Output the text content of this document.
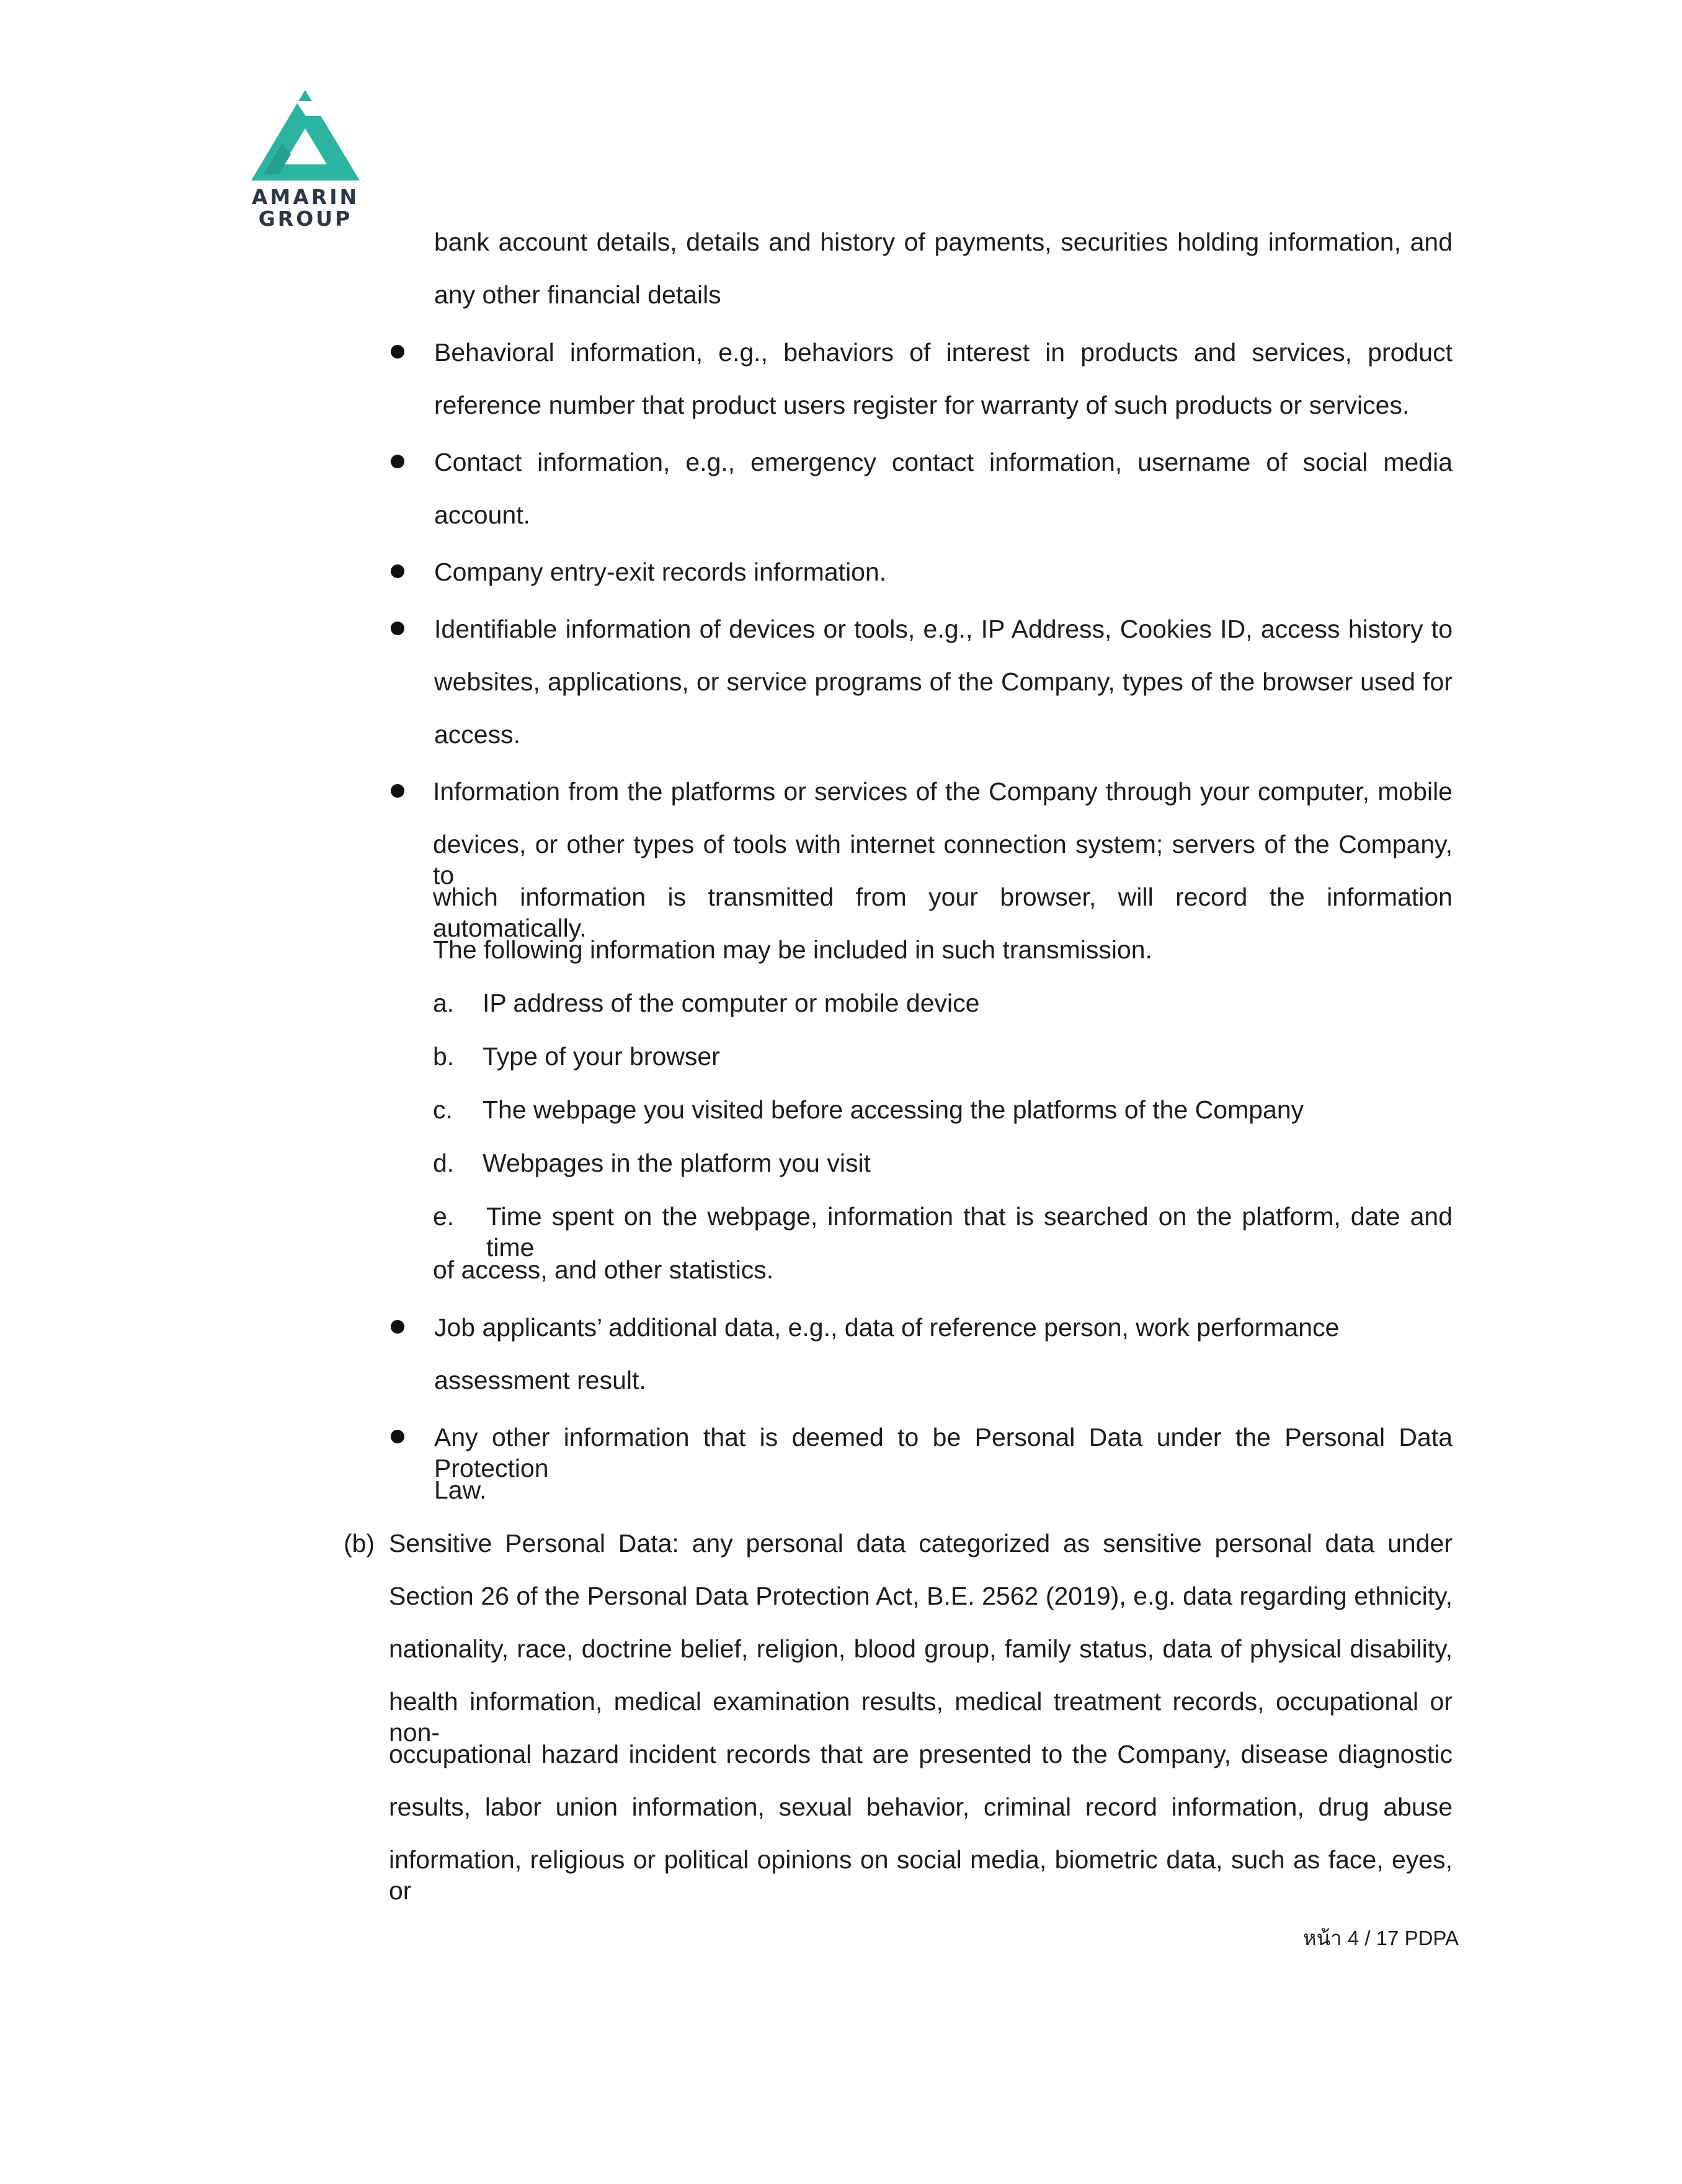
AMARIN
GROUP
bank account details, details and history of payments, securities holding information, and
any other financial details
Behavioral information, e.g., behaviors of interest in products and services, product
reference number that product users register for warranty of such products or services.
Contact information, e.g., emergency contact information, username of social media
account.
Company entry-exit records information.
Identifiable information of devices or tools, e.g., IP Address, Cookies ID, access history to
websites, applications, or service programs of the Company, types of the browser used for
access.
Information from the platforms or services of the Company through your computer, mobile
devices, or other types of tools with internet connection system; servers of the Company, to
which information is transmitted from your browser, will record the information automatically.
The following information may be included in such transmission.
a. IP address of the computer or mobile device
b. Type of your browser
c. The webpage you visited before accessing the platforms of the Company
d. Webpages in the platform you visit
e. Time spent on the webpage, information that is searched on the platform, date and time
of access, and other statistics.
Job applicants’ additional data, e.g., data of reference person, work performance
assessment result.
Any other information that is deemed to be Personal Data under the Personal Data Protection
Law.
(b) Sensitive Personal Data: any personal data categorized as sensitive personal data under
Section 26 of the Personal Data Protection Act, B.E. 2562 (2019), e.g. data regarding ethnicity,
nationality, race, doctrine belief, religion, blood group, family status, data of physical disability,
health information, medical examination results, medical treatment records, occupational or non-
occupational hazard incident records that are presented to the Company, disease diagnostic
results, labor union information, sexual behavior, criminal record information, drug abuse
information, religious or political opinions on social media, biometric data, such as face, eyes, or
หน้า 4 / 17 PDPA
